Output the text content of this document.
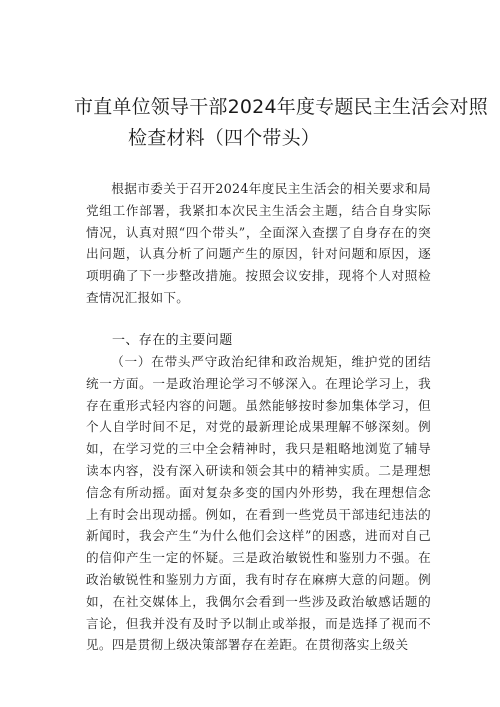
市直单位领导干部2024年度专题民主生活会对照
检查材料（四个带头）

根据市委关于召开2024年度民主生活会的相关要求和局党组工作部署，我紧扣本次民主生活会主题，结合自身实际情况，认真对照“四个带头”，全面深入查摆了自身存在的突出问题，认真分析了问题产生的原因，针对问题和原因，逐项明确了下一步整改措施。按照会议安排，现将个人对照检查情况汇报如下。

一、存在的主要问题

（一）在带头严守政治纪律和政治规矩，维护党的团结统一方面。一是政治理论学习不够深入。在理论学习上，我存在重形式轻内容的问题。虽然能够按时参加集体学习，但个人自学时间不足，对党的最新理论成果理解不够深刻。例如，在学习党的三中全会精神时，我只是粗略地浏览了辅导读本内容，没有深入研读和领会其中的精神实质。二是理想信念有所动摇。面对复杂多变的国内外形势，我在理想信念上有时会出现动摇。例如，在看到一些党员干部违纪违法的新闻时，我会产生“为什么他们会这样”的困惑，进而对自己的信仰产生一定的怀疑。三是政治敏锐性和鉴别力不强。在政治敏锐性和鉴别力方面，我有时存在麻痹大意的问题。例如，在社交媒体上，我偶尔会看到一些涉及政治敏感话题的言论，但我并没有及时予以制止或举报，而是选择了视而不见。四是贯彻上级决策部署存在差距。在贯彻落实上级关
